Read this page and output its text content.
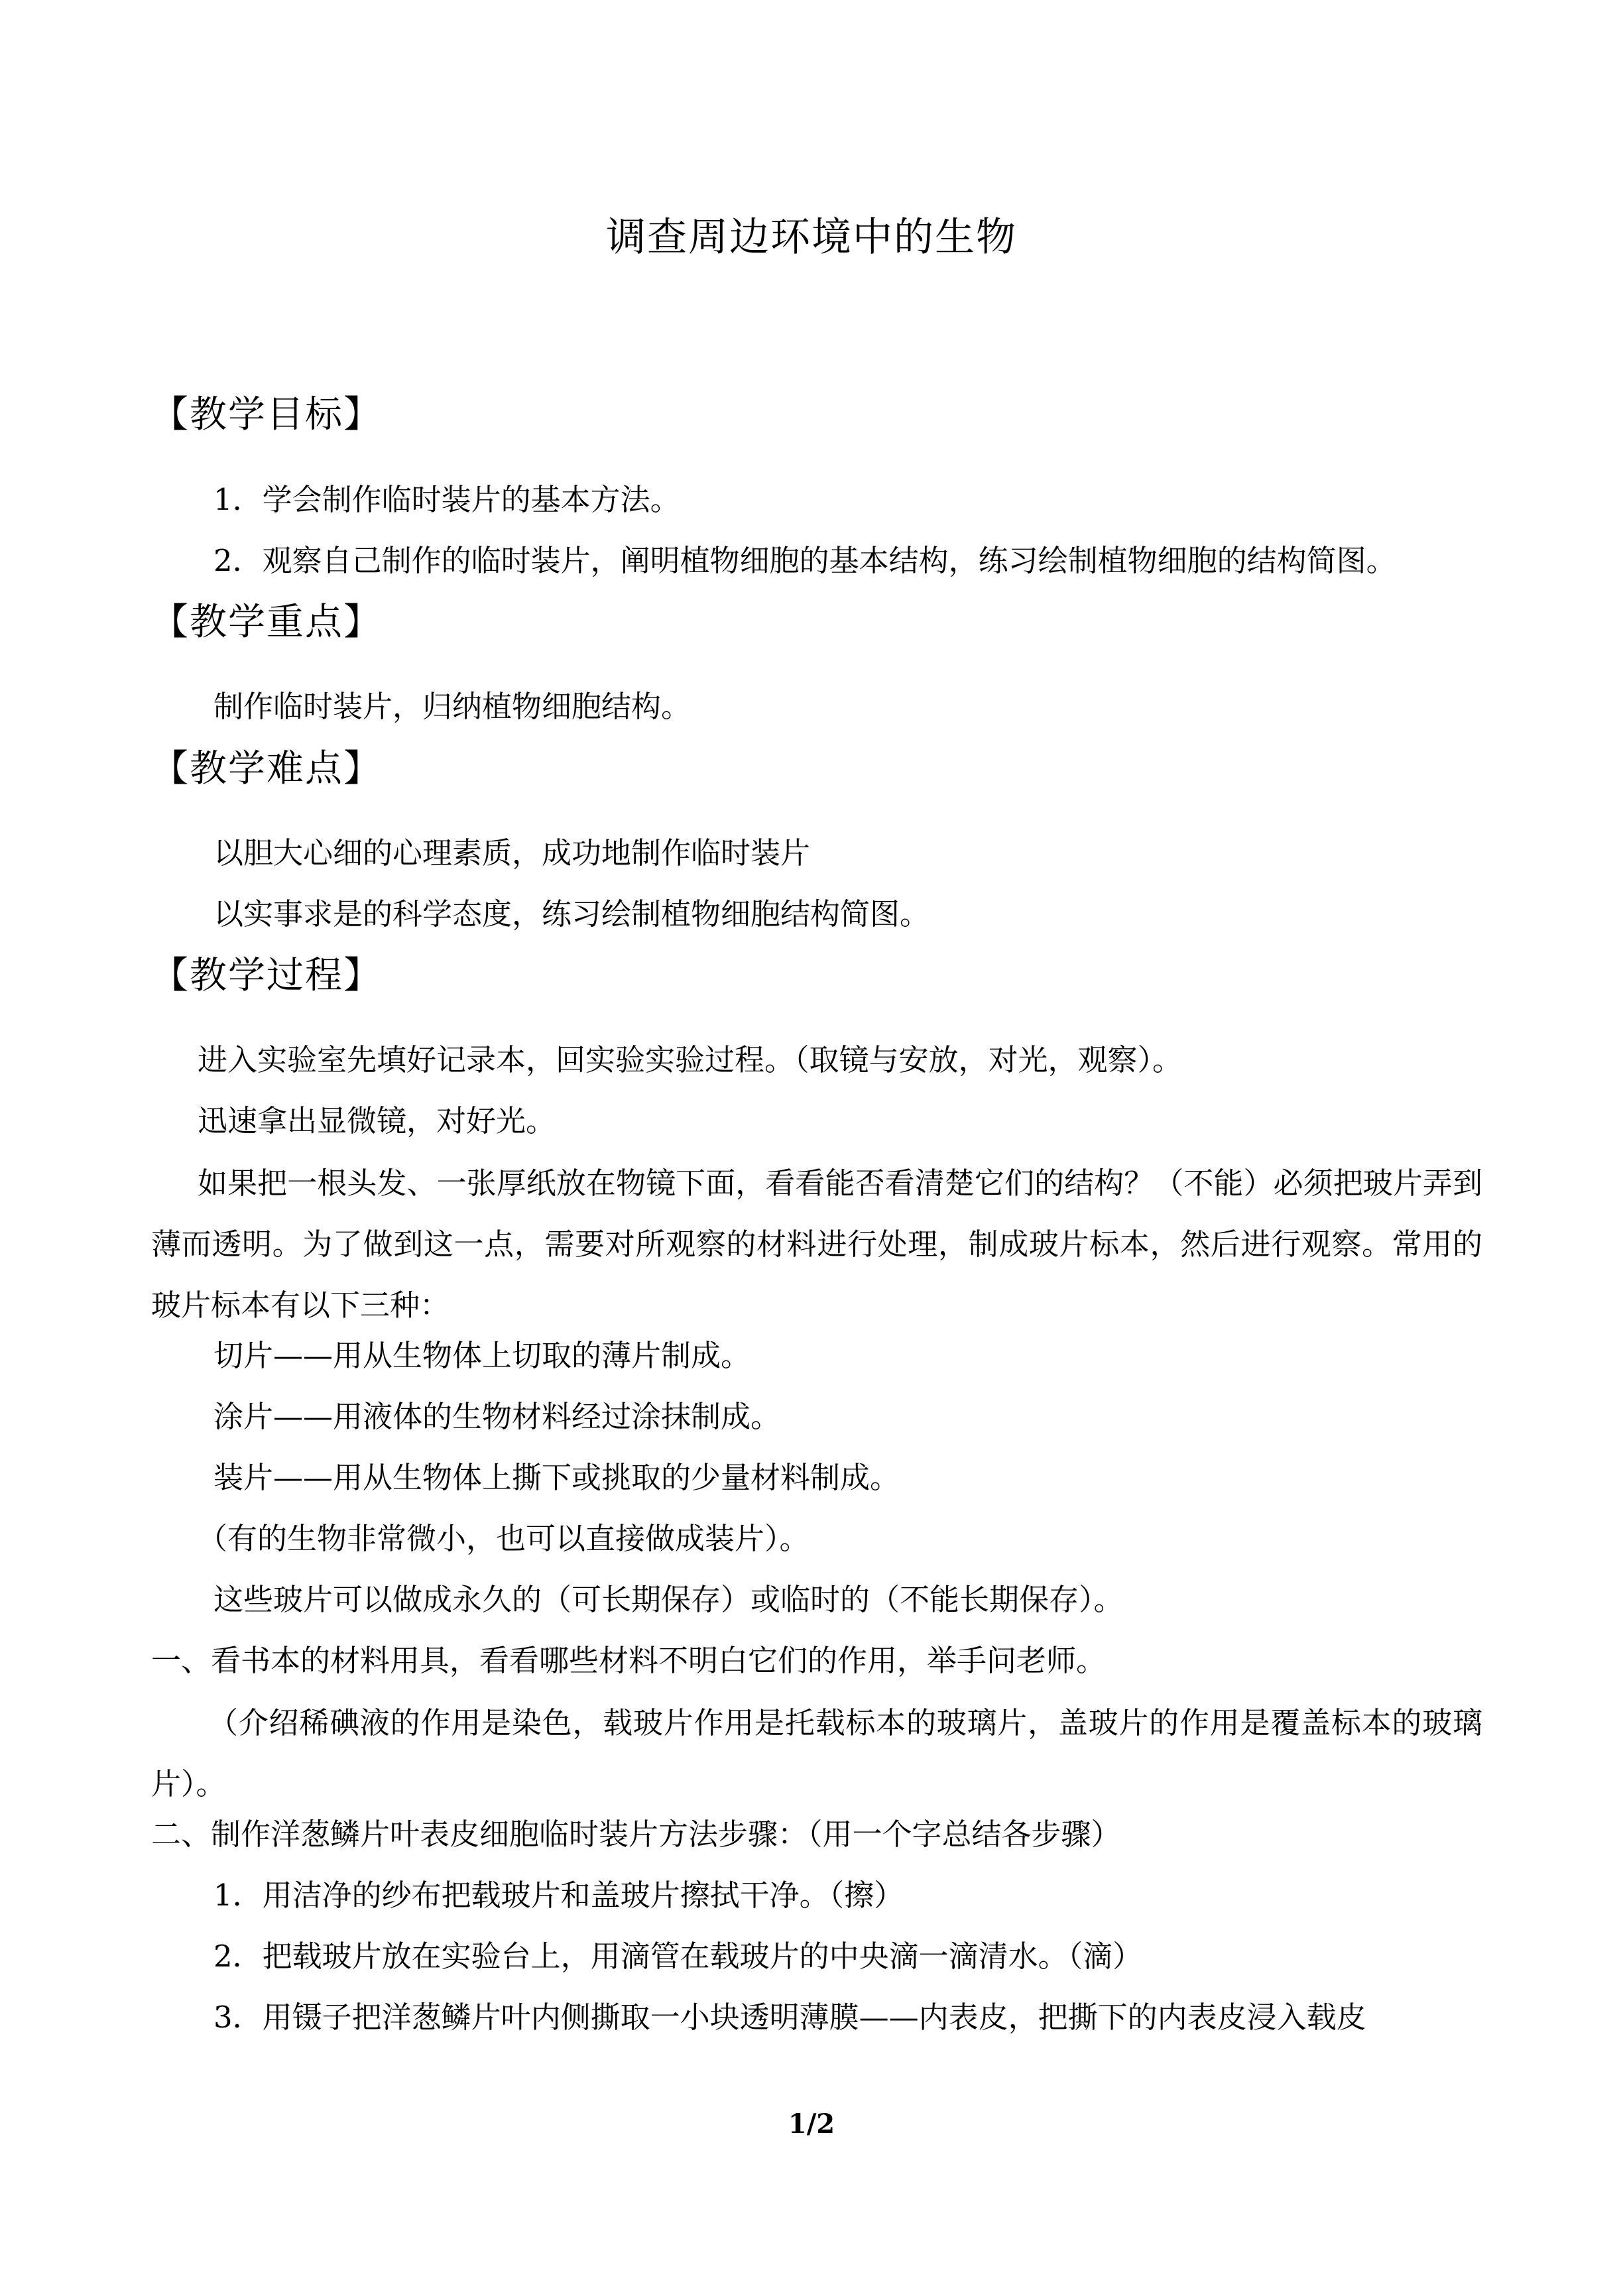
调查周边环境中的生物
【教学目标】
1．学会制作临时装片的基本方法。
2．观察自己制作的临时装片，阐明植物细胞的基本结构，练习绘制植物细胞的结构简图。
【教学重点】
制作临时装片，归纳植物细胞结构。
【教学难点】
以胆大心细的心理素质，成功地制作临时装片
以实事求是的科学态度，练习绘制植物细胞结构简图。
【教学过程】
进入实验室先填好记录本，回实验实验过程。（取镜与安放，对光，观察）。
迅速拿出显微镜，对好光。
如果把一根头发、一张厚纸放在物镜下面，看看能否看清楚它们的结构？（不能）必须把玻片弄到薄而透明。为了做到这一点，需要对所观察的材料进行处理，制成玻片标本，然后进行观察。常用的玻片标本有以下三种：
切片——用从生物体上切取的薄片制成。
涂片——用液体的生物材料经过涂抹制成。
装片——用从生物体上撕下或挑取的少量材料制成。
（有的生物非常微小，也可以直接做成装片）。
这些玻片可以做成永久的（可长期保存）或临时的（不能长期保存）。
一、看书本的材料用具，看看哪些材料不明白它们的作用，举手问老师。
（介绍稀碘液的作用是染色，载玻片作用是托载标本的玻璃片，盖玻片的作用是覆盖标本的玻璃片）。
二、制作洋葱鳞片叶表皮细胞临时装片方法步骤：（用一个字总结各步骤）
1．用洁净的纱布把载玻片和盖玻片擦拭干净。（擦）
2．把载玻片放在实验台上，用滴管在载玻片的中央滴一滴清水。（滴）
3．用镊子把洋葱鳞片叶内侧撕取一小块透明薄膜——内表皮，把撕下的内表皮浸入载皮
1/2
